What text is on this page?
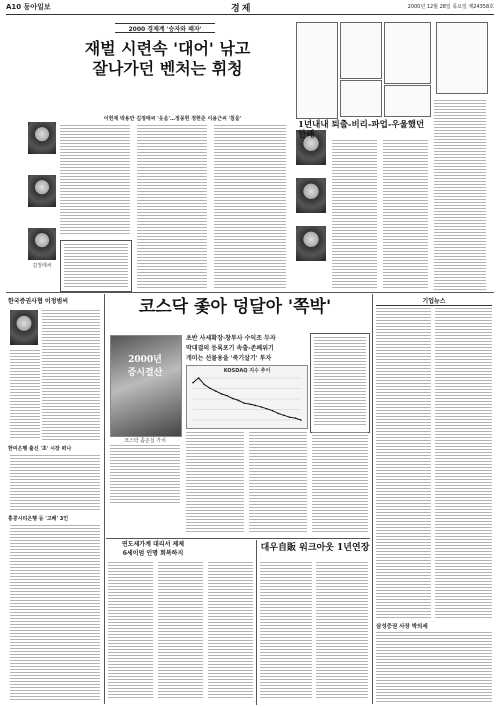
A10 동아일보	경제	2000년 12월 28일 목요일 제24358호
2000 경제계 '승자와 패자'
재벌 시련속 '대어' 낚고
잘나가던 벤처는 휘청
이헌재 박용만 김정태씨 '웃음'…정몽헌 정현준 이용근씨 '침울'
김정태씨
1년내내 퇴출-비리-파업-우울했던 한해
한국증권사협 이정범씨
한미은행 출신 '초' 시장 떠나
홍콩시티은행 등 '고배' 3인
코스닥 좇아 덩달아 '쪽박'
2000년
증시결산
코스닥 좀손실 가치
초반 사세확장·창투사 수익조 두자
막대결의 등록포기 속출-존폐위기
개미는 선물용을 '죽기살기' 투자
KOSDAQ 지수 추이
연도세가계 대리서 제제
6세이엄 인명 회복하지
대우自販 워크아웃 1년연장
기업뉴스
삼성증권 사장 박의세
